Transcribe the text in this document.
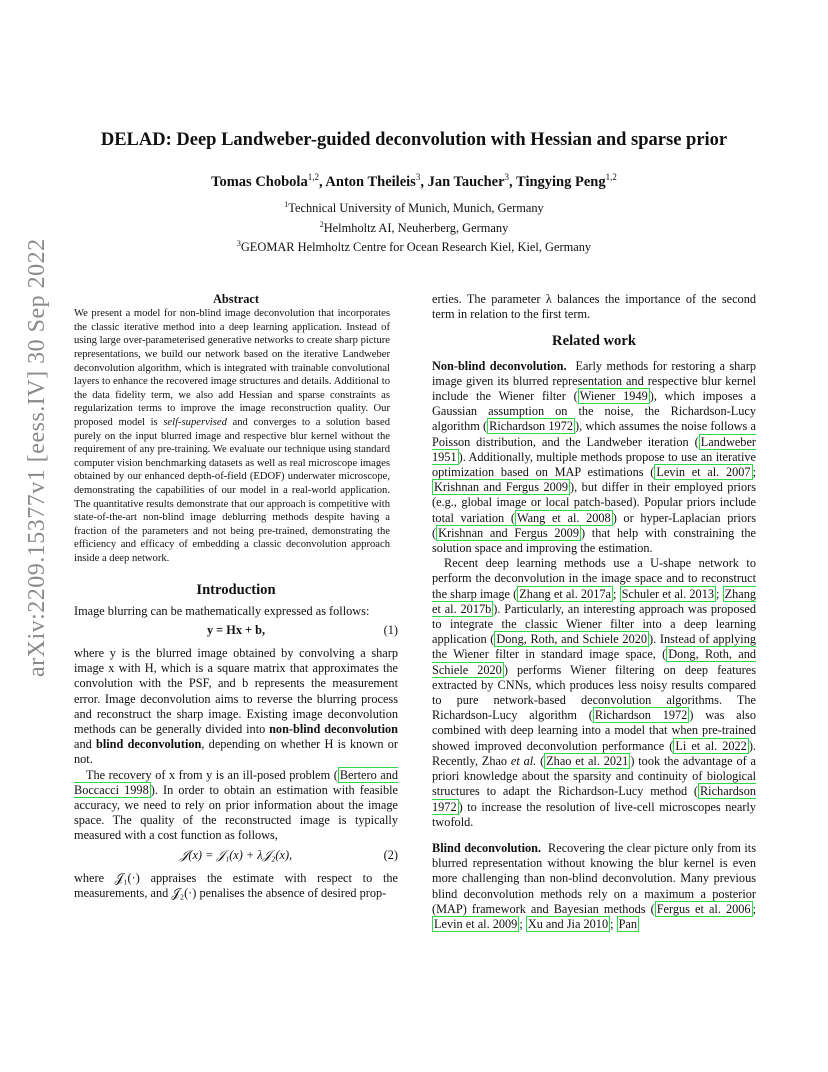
arXiv:2209.15377v1 [eess.IV] 30 Sep 2022
DELAD: Deep Landweber-guided deconvolution with Hessian and sparse prior
Tomas Chobola$^{1,2}$, Anton Theileis$^3$, Jan Taucher$^3$, Tingying Peng$^{1,2}$
$^1$Technical University of Munich, Munich, Germany
$^2$Helmholtz AI, Neuherberg, Germany
$^3$GEOMAR Helmholtz Centre for Ocean Research Kiel, Kiel, Germany

Abstract

We present a model for non-blind image deconvolution that incorporates the classic iterative method into a deep learning application. Instead of using large over-parameterised generative networks to create sharp picture representations, we build our network based on the iterative Landweber deconvolution algorithm, which is integrated with trainable convolutional layers to enhance the recovered image structures and details. Additional to the data fidelity term, we also add Hessian and sparse constraints as regularization terms to improve the image reconstruction quality. Our proposed model is self-supervised and converges to a solution based purely on the input blurred image and respective blur kernel without the requirement of any pre-training. We evaluate our technique using standard computer vision benchmarking datasets as well as real microscope images obtained by our enhanced depth-of-field (EDOF) underwater microscope, demonstrating the capabilities of our model in a real-world application. The quantitative results demonstrate that our approach is competitive with state-of-the-art non-blind image deblurring methods despite having a fraction of the parameters and not being pre-trained, demonstrating the efficiency and efficacy of embedding a classic deconvolution approach inside a deep network.

Introduction

Image blurring can be mathematically expressed as follows:

y = Hx + b,	(1)

where y is the blurred image obtained by convolving a sharp image x with H, which is a square matrix that approximates the convolution with the PSF, and b represents the measurement error. Image deconvolution aims to reverse the blurring process and reconstruct the sharp image. Existing image deconvolution methods can be generally divided into non-blind deconvolution and blind deconvolution, depending on whether H is known or not.

The recovery of x from y is an ill-posed problem ( Bertero and Boccacci 1998 ). In order to obtain an estimation with feasible accuracy, we need to rely on prior information about the image space. The quality of the reconstructed image is typically measured with a cost function as follows,

𝒥(x) = 𝒥₁(x) + λ𝒥₂(x),	(2)

where 𝒥₁(·) appraises the estimate with respect to the measurements, and 𝒥₂(·) penalises the absence of desired prop-

erties. The parameter λ balances the importance of the second term in relation to the first term.

Related work

Non-blind deconvolution. Early methods for restoring a sharp image given its blurred representation and respective blur kernel include the Wiener filter ( Wiener 1949 ), which imposes a Gaussian assumption on the noise, the Richardson-Lucy algorithm ( Richardson 1972 ), which assumes the noise follows a Poisson distribution, and the Landweber iteration ( Landweber 1951 ). Additionally, multiple methods propose to use an iterative optimization based on MAP estimations ( Levin et al. 2007 ; Krishnan and Fergus 2009 ), but differ in their employed priors (e.g., global image or local patch-based). Popular priors include total variation ( Wang et al. 2008 ) or hyper-Laplacian priors ( Krishnan and Fergus 2009 ) that help with constraining the solution space and improving the estimation.

Recent deep learning methods use a U-shape network to perform the deconvolution in the image space and to reconstruct the sharp image ( Zhang et al. 2017a ; Schuler et al. 2013 ; Zhang et al. 2017b ). Particularly, an interesting approach was proposed to integrate the classic Wiener filter into a deep learning application ( Dong, Roth, and Schiele 2020 ). Instead of applying the Wiener filter in standard image space, ( Dong, Roth, and Schiele 2020 ) performs Wiener filtering on deep features extracted by CNNs, which produces less noisy results compared to pure network-based deconvolution algorithms. The Richardson-Lucy algorithm ( Richardson 1972 ) was also combined with deep learning into a model that when pre-trained showed improved deconvolution performance ( Li et al. 2022 ). Recently, Zhao et al. ( Zhao et al. 2021 ) took the advantage of a priori knowledge about the sparsity and continuity of biological structures to adapt the Richardson-Lucy method ( Richardson 1972 ) to increase the resolution of live-cell microscopes nearly twofold.

Blind deconvolution. Recovering the clear picture only from its blurred representation without knowing the blur kernel is even more challenging than non-blind deconvolution. Many previous blind deconvolution methods rely on a maximum a posterior (MAP) framework and Bayesian methods ( Fergus et al. 2006 ; Levin et al. 2009 ; Xu and Jia 2010 ; Pan
